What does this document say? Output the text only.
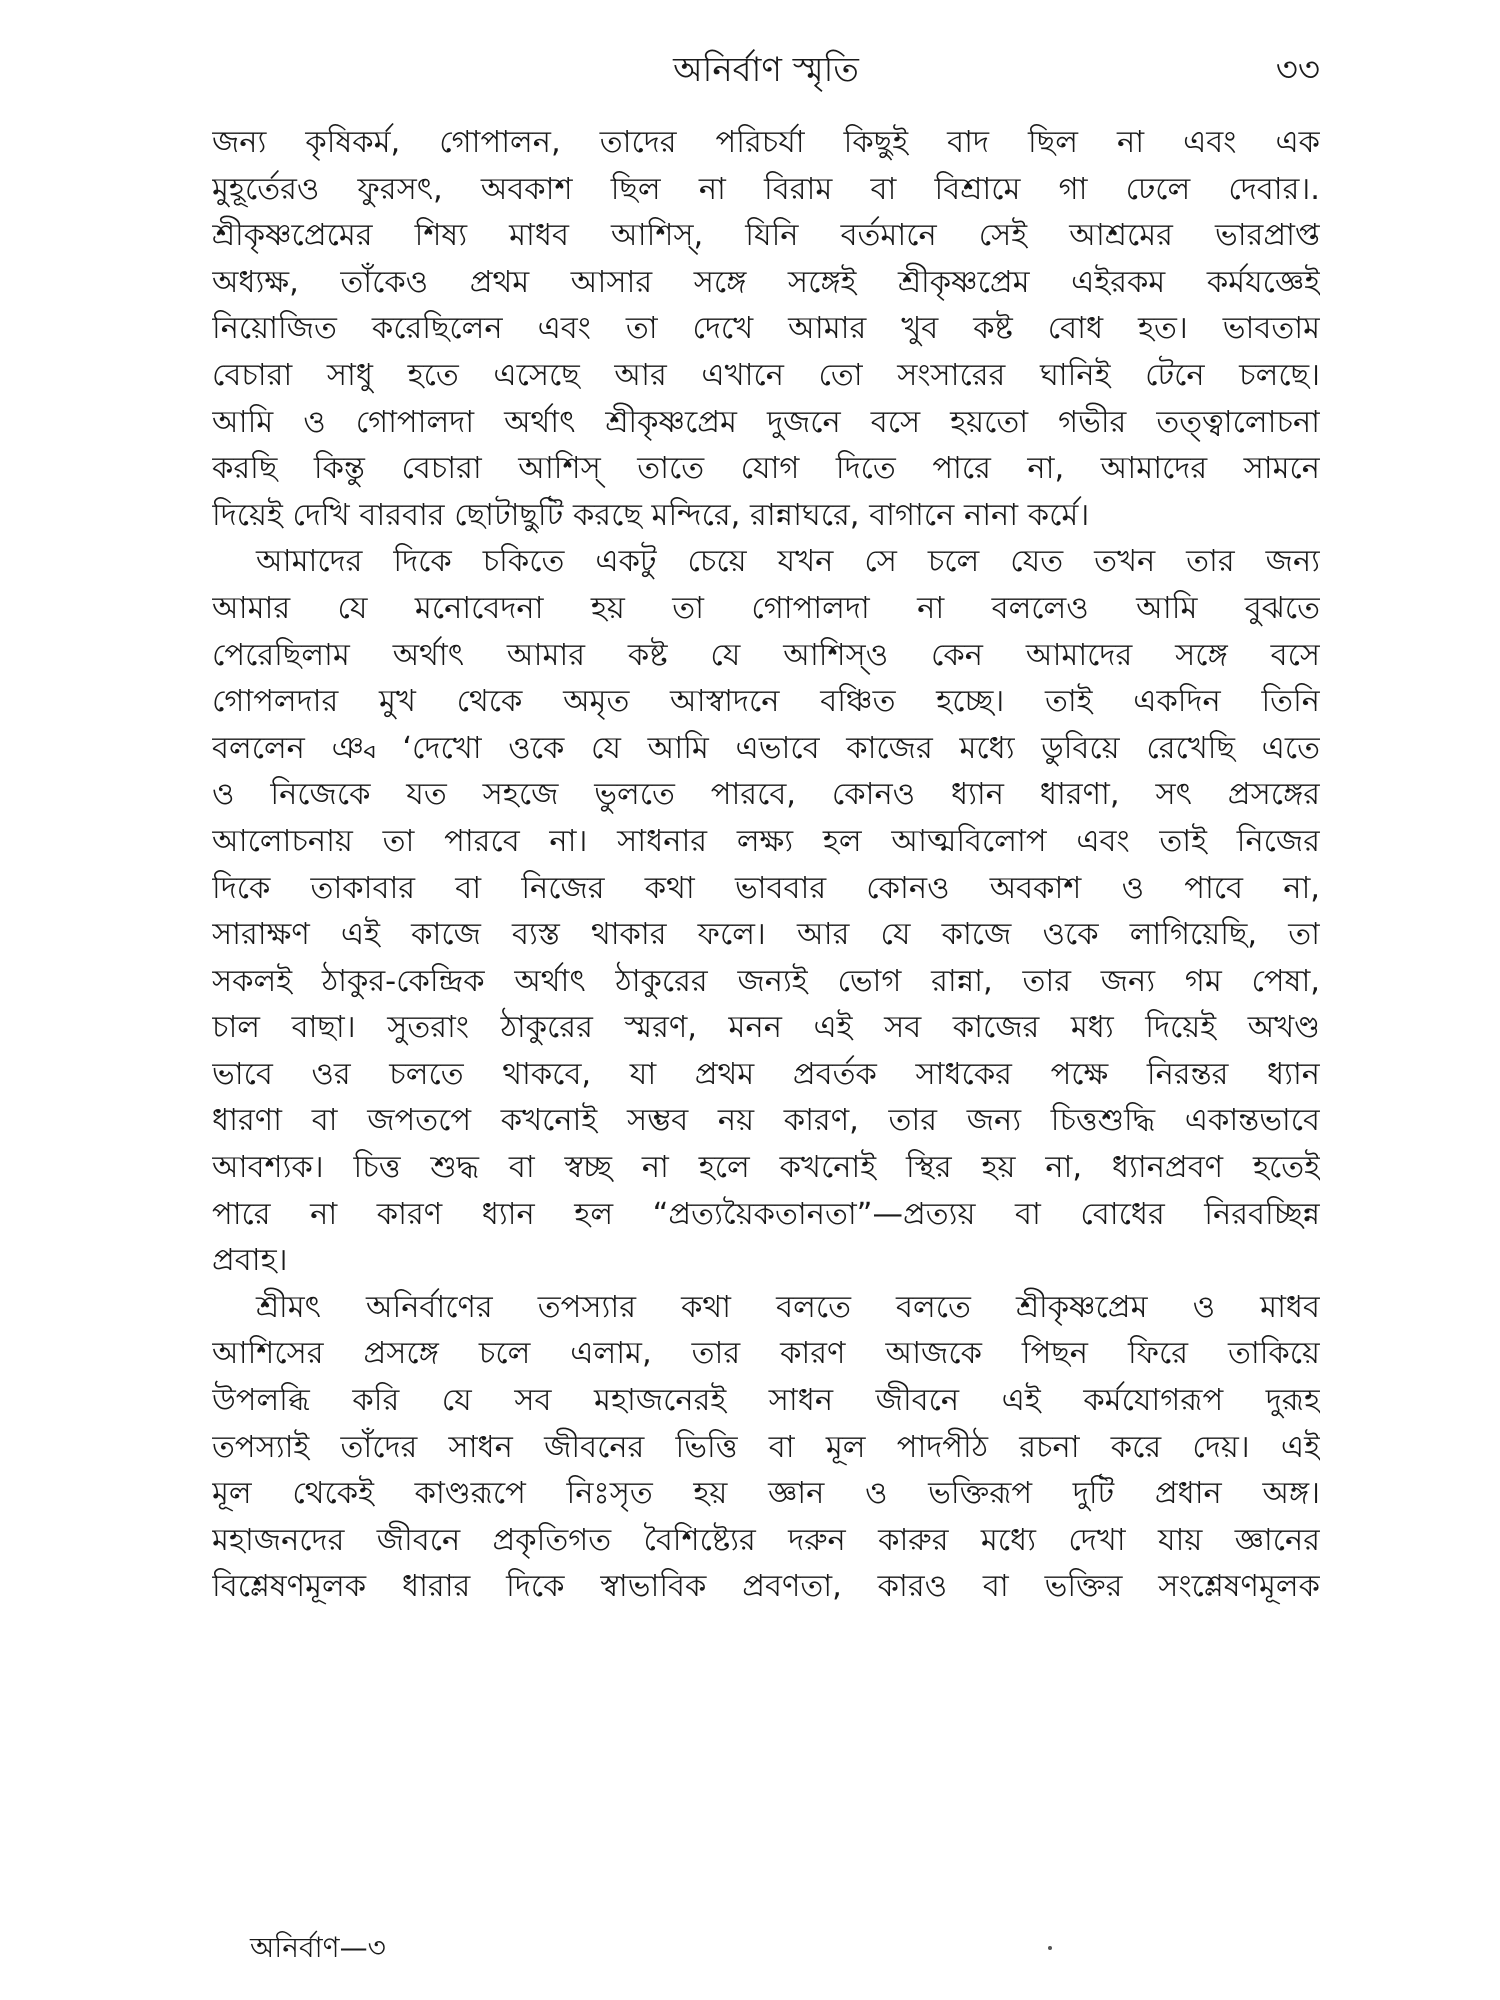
অনির্বাণ স্মৃতি	৩৩
জন্য কৃষিকর্ম, গোপালন, তাদের পরিচর্যা কিছুই বাদ ছিল না এবং এক
মুহূর্তেরও ফুরসৎ, অবকাশ ছিল না বিরাম বা বিশ্রামে গা ঢেলে দেবার।.
শ্রীকৃষ্ণপ্রেমের শিষ্য মাধব আশিস্, যিনি বর্তমানে সেই আশ্রমের ভারপ্রাপ্ত
অধ্যক্ষ, তাঁকেও প্রথম আসার সঙ্গে সঙ্গেই শ্রীকৃষ্ণপ্রেম এইরকম কর্মযজ্ঞেই
নিয়োজিত করেছিলেন এবং তা দেখে আমার খুব কষ্ট বোধ হত। ভাবতাম
বেচারা সাধু হতে এসেছে আর এখানে তো সংসারের ঘানিই টেনে চলছে।
আমি ও গোপালদা অর্থাৎ শ্রীকৃষ্ণপ্রেম দুজনে বসে হয়তো গভীর তত্ত্বালোচনা
করছি কিন্তু বেচারা আশিস্ তাতে যোগ দিতে পারে না, আমাদের সামনে
দিয়েই দেখি বারবার ছোটাছুটি করছে মন্দিরে, রান্নাঘরে, বাগানে নানা কর্মে।
আমাদের দিকে চকিতে একটু চেয়ে যখন সে চলে যেত তখন তার জন্য
আমার যে মনোবেদনা হয় তা গোপালদা না বললেও আমি বুঝতে
পেরেছিলাম অর্থাৎ আমার কষ্ট যে আশিস্ও কেন আমাদের সঙ্গে বসে
গোপলদার মুখ থেকে অমৃত আস্বাদনে বঞ্চিত হচ্ছে। তাই একদিন তিনি
বললেন ঞ্ব ‘দেখো ওকে যে আমি এভাবে কাজের মধ্যে ডুবিয়ে রেখেছি এতে
ও নিজেকে যত সহজে ভুলতে পারবে, কোনও ধ্যান ধারণা, সৎ প্রসঙ্গের
আলোচনায় তা পারবে না। সাধনার লক্ষ্য হল আত্মবিলোপ এবং তাই নিজের
দিকে তাকাবার বা নিজের কথা ভাববার কোনও অবকাশ ও পাবে না,
সারাক্ষণ এই কাজে ব্যস্ত থাকার ফলে। আর যে কাজে ওকে লাগিয়েছি, তা
সকলই ঠাকুর-কেন্দ্রিক অর্থাৎ ঠাকুরের জন্যই ভোগ রান্না, তার জন্য গম পেষা,
চাল বাছা। সুতরাং ঠাকুরের স্মরণ, মনন এই সব কাজের মধ্য দিয়েই অখণ্ড
ভাবে ওর চলতে থাকবে, যা প্রথম প্রবর্তক সাধকের পক্ষে নিরন্তর ধ্যান
ধারণা বা জপতপে কখনোই সম্ভব নয় কারণ, তার জন্য চিত্তশুদ্ধি একান্তভাবে
আবশ্যক। চিত্ত শুদ্ধ বা স্বচ্ছ না হলে কখনোই স্থির হয় না, ধ্যানপ্রবণ হতেই
পারে না কারণ ধ্যান হল “প্রত্যয়ৈকতানতা”—প্রত্যয় বা বোধের নিরবচ্ছিন্ন
প্রবাহ।
শ্রীমৎ অনির্বাণের তপস্যার কথা বলতে বলতে শ্রীকৃষ্ণপ্রেম ও মাধব
আশিসের প্রসঙ্গে চলে এলাম, তার কারণ আজকে পিছন ফিরে তাকিয়ে
উপলব্ধি করি যে সব মহাজনেরই সাধন জীবনে এই কর্মযোগরূপ দুরূহ
তপস্যাই তাঁদের সাধন জীবনের ভিত্তি বা মূল পাদপীঠ রচনা করে দেয়। এই
মূল থেকেই কাণ্ডরূপে নিঃসৃত হয় জ্ঞান ও ভক্তিরূপ দুটি প্রধান অঙ্গ।
মহাজনদের জীবনে প্রকৃতিগত বৈশিষ্ট্যের দরুন কারুর মধ্যে দেখা যায় জ্ঞানের
বিশ্লেষণমূলক ধারার দিকে স্বাভাবিক প্রবণতা, কারও বা ভক্তির সংশ্লেষণমূলক
অনির্বাণ—৩
